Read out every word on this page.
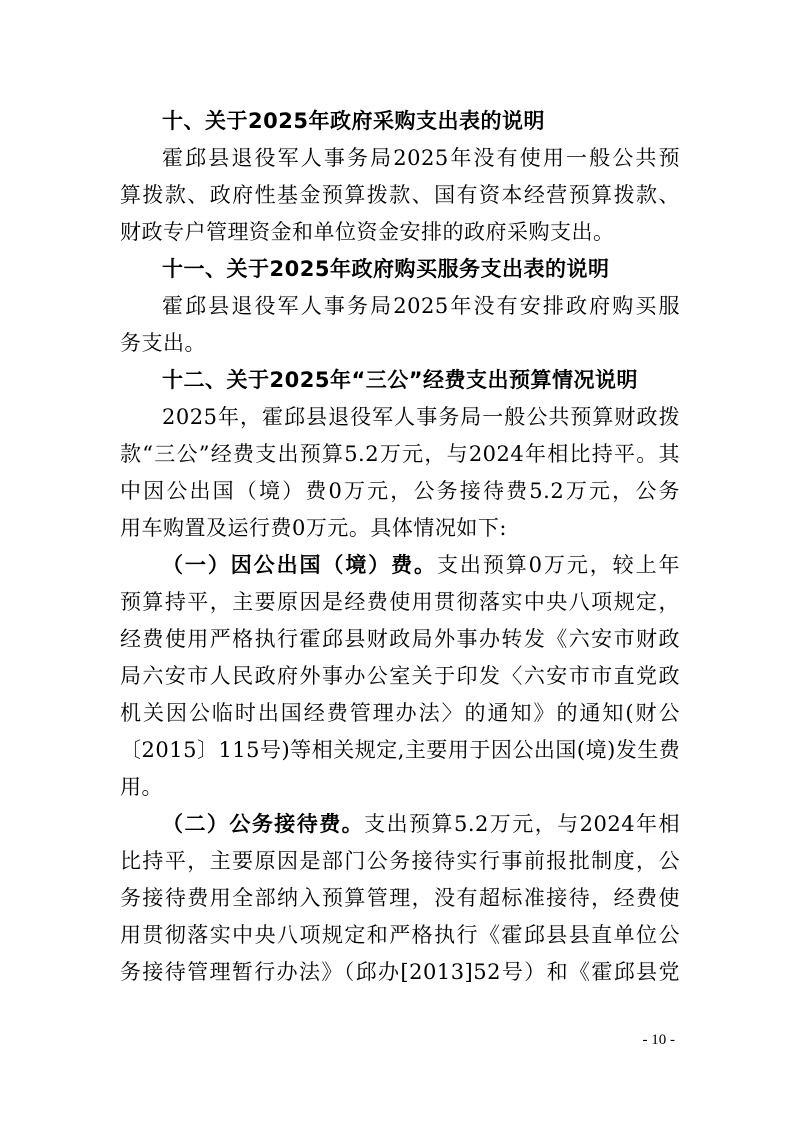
十、关于2025年政府采购支出表的说明
霍邱县退役军人事务局2025年没有使用一般公共预
算拨款、政府性基金预算拨款、国有资本经营预算拨款、
财政专户管理资金和单位资金安排的政府采购支出。
十一、关于2025年政府购买服务支出表的说明
霍邱县退役军人事务局2025年没有安排政府购买服
务支出。
十二、关于2025年“三公”经费支出预算情况说明
2025年，霍邱县退役军人事务局一般公共预算财政拨
款“三公”经费支出预算5.2万元，与2024年相比持平。其
中因公出国（境）费0万元，公务接待费5.2万元，公务
用车购置及运行费0万元。具体情况如下:
（一）因公出国（境）费。支出预算0万元，较上年
预算持平，主要原因是经费使用贯彻落实中央八项规定，
经费使用严格执行霍邱县财政局外事办转发《六安市财政
局六安市人民政府外事办公室关于印发〈六安市市直党政
机关因公临时出国经费管理办法〉的通知》的通知(财公
〔2015〕115号)等相关规定,主要用于因公出国(境)发生费
用。
（二）公务接待费。支出预算5.2万元，与2024年相
比持平，主要原因是部门公务接待实行事前报批制度，公
务接待费用全部纳入预算管理，没有超标准接待，经费使
用贯彻落实中央八项规定和严格执行《霍邱县县直单位公
务接待管理暂行办法》（邱办[2013]52号）和《霍邱县党
- 10 -
